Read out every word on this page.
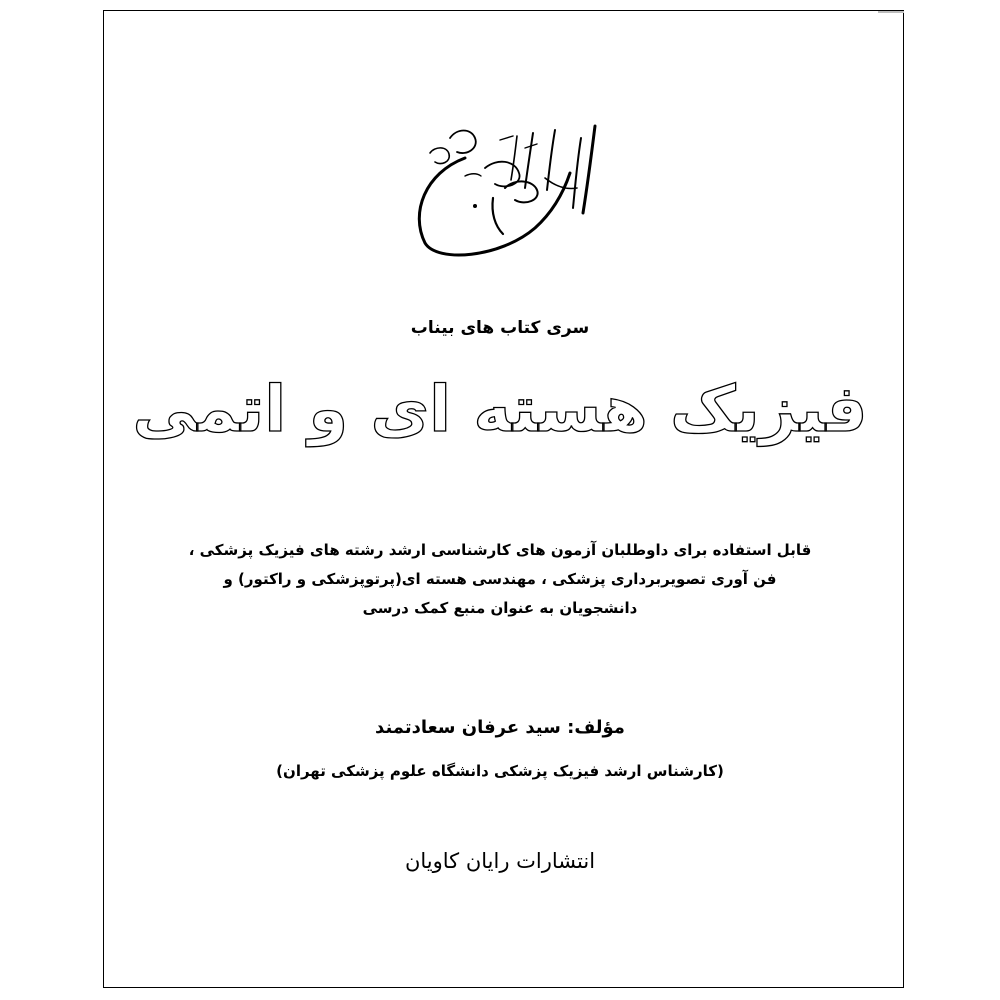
سری کتاب های بیناب
فیزیک هسته ای و اتمی
قابل استفاده برای داوطلبان آزمون های کارشناسی ارشد رشته های فیزیک پزشکی ،
فن آوری تصویربرداری پزشکی ، مهندسی هسته ای(پرتوپزشکی و راکتور) و
دانشجویان به عنوان منبع کمک درسی
مؤلف: سید عرفان سعادتمند
(کارشناس ارشد فیزیک پزشکی دانشگاه علوم پزشکی تهران)
انتشارات رایان کاویان
